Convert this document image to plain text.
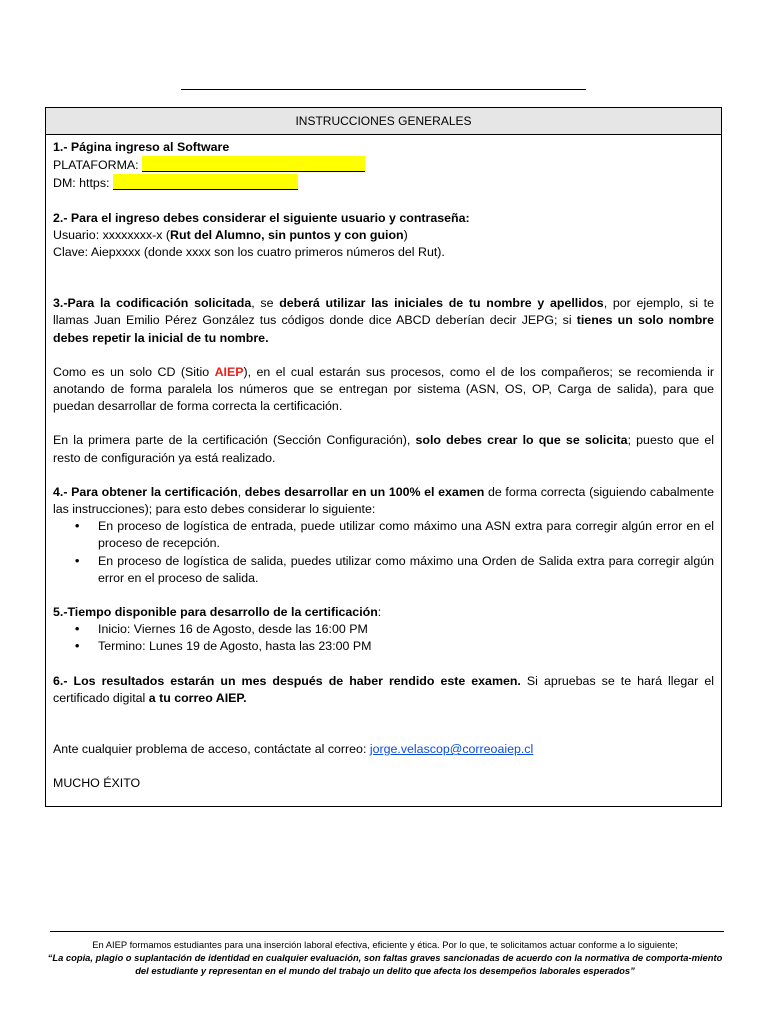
INSTRUCCIONES GENERALES

1.- Página ingreso al Software

PLATAFORMA:

DM: https:

2.- Para el ingreso debes considerar el siguiente usuario y contraseña:

Usuario: xxxxxxxx-x (Rut del Alumno, sin puntos y con guion)

Clave: Aiepxxxx (donde xxxx son los cuatro primeros números del Rut).

3.-Para la codificación solicitada, se deberá utilizar las iniciales de tu nombre y apellidos, por ejemplo, si te llamas Juan Emilio Pérez González tus códigos donde dice ABCD deberían decir JEPG; si tienes un solo nombre debes repetir la inicial de tu nombre.

Como es un solo CD (Sitio AIEP), en el cual estarán sus procesos, como el de los compañeros; se recomienda ir anotando de forma paralela los números que se entregan por sistema (ASN, OS, OP, Carga de salida), para que puedan desarrollar de forma correcta la certificación.

En la primera parte de la certificación (Sección Configuración), solo debes crear lo que se solicita; puesto que el resto de configuración ya está realizado.

4.- Para obtener la certificación, debes desarrollar en un 100% el examen de forma correcta (siguiendo cabalmente las instrucciones); para esto debes considerar lo siguiente:

• En proceso de logística de entrada, puede utilizar como máximo una ASN extra para corregir algún error en el proceso de recepción.
• En proceso de logística de salida, puedes utilizar como máximo una Orden de Salida extra para corregir algún error en el proceso de salida.

5.-Tiempo disponible para desarrollo de la certificación:

• Inicio: Viernes 16 de Agosto, desde las 16:00 PM
• Termino: Lunes 19 de Agosto, hasta las 23:00 PM

6.- Los resultados estarán un mes después de haber rendido este examen. Si apruebas se te hará llegar el certificado digital a tu correo AIEP.

Ante cualquier problema de acceso, contáctate al correo: jorge.velascop@correoaiep.cl

MUCHO ÉXITO

En AIEP formamos estudiantes para una inserción laboral efectiva, eficiente y ética. Por lo que, te solicitamos actuar conforme a lo siguiente;
“La copia, plagio o suplantación de identidad en cualquier evaluación, son faltas graves sancionadas de acuerdo con la normativa de comporta-miento del estudiante y representan en el mundo del trabajo un delito que afecta los desempeños laborales esperados”
